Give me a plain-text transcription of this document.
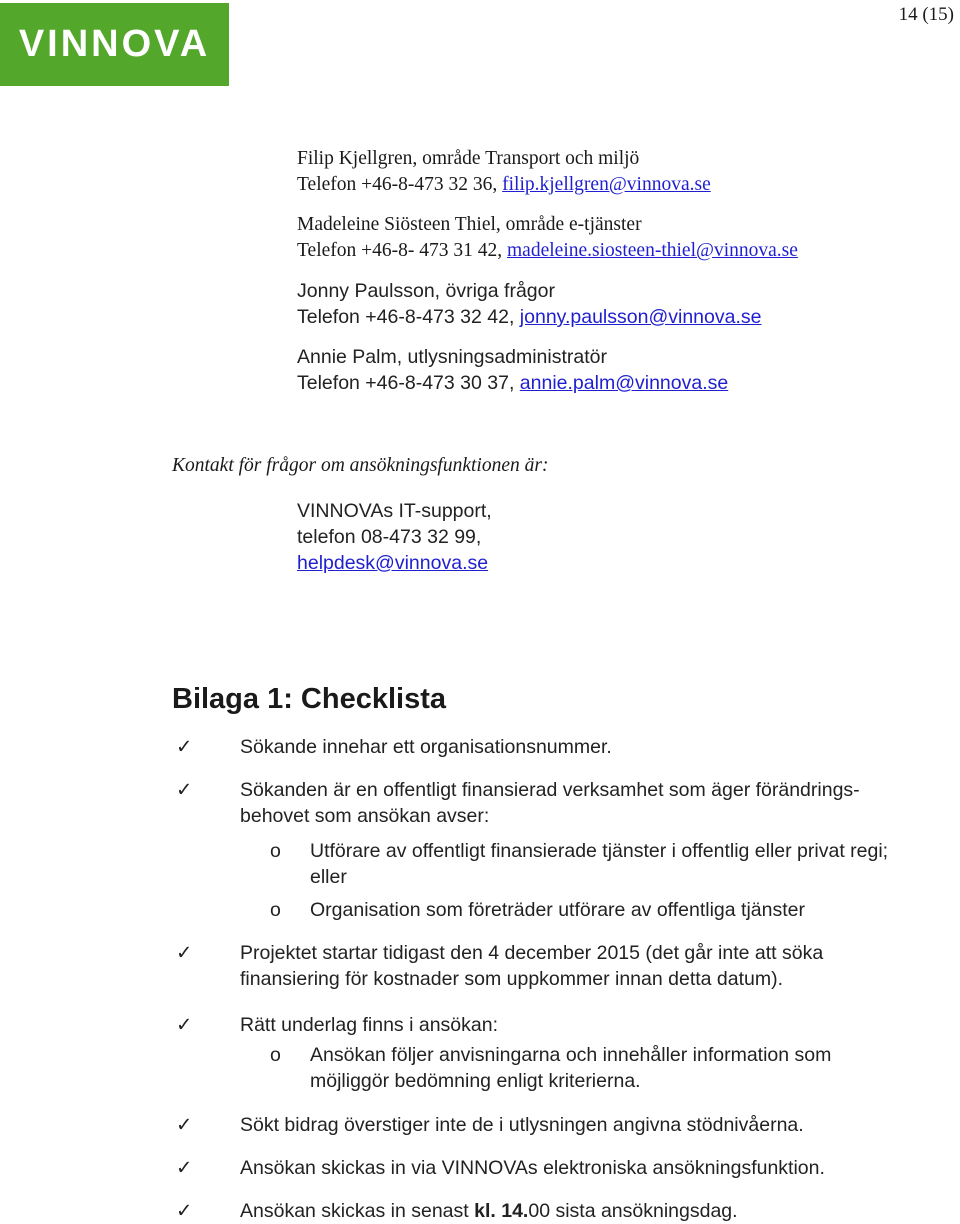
VINNOVA
14 (15)
Filip Kjellgren, område Transport och miljö
Telefon +46-8-473 32 36, filip.kjellgren@vinnova.se
Madeleine Siösteen Thiel, område e-tjänster
Telefon +46-8- 473 31 42, madeleine.siosteen-thiel@vinnova.se
Jonny Paulsson, övriga frågor
Telefon +46-8-473 32 42, jonny.paulsson@vinnova.se
Annie Palm, utlysningsadministratör
Telefon +46-8-473 30 37, annie.palm@vinnova.se
Kontakt för frågor om ansökningsfunktionen är:
VINNOVAs IT-support,
telefon 08-473 32 99,
helpdesk@vinnova.se
Bilaga 1: Checklista
✓ Sökande innehar ett organisationsnummer.
✓ Sökanden är en offentligt finansierad verksamhet som äger förändrings-behovet som ansökan avser:
o Utförare av offentligt finansierade tjänster i offentlig eller privat regi; eller
o Organisation som företräder utförare av offentliga tjänster
✓ Projektet startar tidigast den 4 december 2015 (det går inte att söka finansiering för kostnader som uppkommer innan detta datum).
✓ Rätt underlag finns i ansökan:
o Ansökan följer anvisningarna och innehåller information som möjliggör bedömning enligt kriterierna.
✓ Sökt bidrag överstiger inte de i utlysningen angivna stödnivåerna.
✓ Ansökan skickas in via VINNOVAs elektroniska ansökningsfunktion.
✓ Ansökan skickas in senast kl. 14.00 sista ansökningsdag.
